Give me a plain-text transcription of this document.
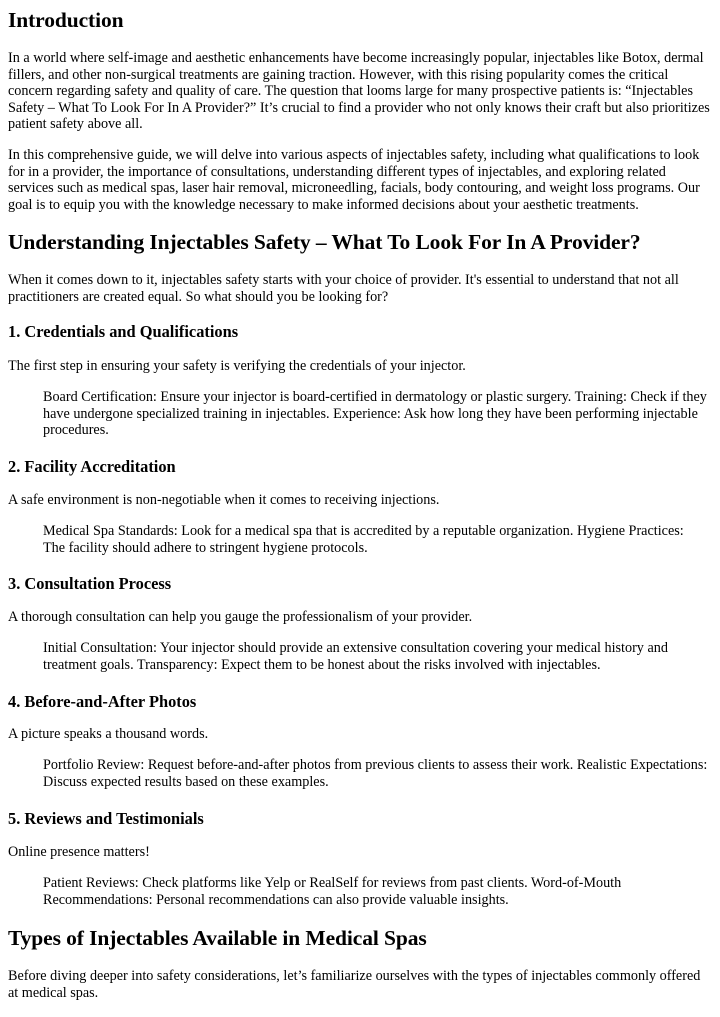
Introduction

In a world where self-image and aesthetic enhancements have become increasingly popular, injectables like Botox, dermal fillers, and other non-surgical treatments are gaining traction. However, with this rising popularity comes the critical concern regarding safety and quality of care. The question that looms large for many prospective patients is: “Injectables Safety – What To Look For In A Provider?” It’s crucial to find a provider who not only knows their craft but also prioritizes patient safety above all.

In this comprehensive guide, we will delve into various aspects of injectables safety, including what qualifications to look for in a provider, the importance of consultations, understanding different types of injectables, and exploring related services such as medical spas, laser hair removal, microneedling, facials, body contouring, and weight loss programs. Our goal is to equip you with the knowledge necessary to make informed decisions about your aesthetic treatments.

Understanding Injectables Safety – What To Look For In A Provider?

When it comes down to it, injectables safety starts with your choice of provider. It's essential to understand that not all practitioners are created equal. So what should you be looking for?

1. Credentials and Qualifications

The first step in ensuring your safety is verifying the credentials of your injector.

Board Certification: Ensure your injector is board-certified in dermatology or plastic surgery. Training: Check if they have undergone specialized training in injectables. Experience: Ask how long they have been performing injectable procedures.
2. Facility Accreditation

A safe environment is non-negotiable when it comes to receiving injections.

Medical Spa Standards: Look for a medical spa that is accredited by a reputable organization. Hygiene Practices: The facility should adhere to stringent hygiene protocols.
3. Consultation Process

A thorough consultation can help you gauge the professionalism of your provider.

Initial Consultation: Your injector should provide an extensive consultation covering your medical history and treatment goals. Transparency: Expect them to be honest about the risks involved with injectables.
4. Before-and-After Photos

A picture speaks a thousand words.

Portfolio Review: Request before-and-after photos from previous clients to assess their work. Realistic Expectations: Discuss expected results based on these examples.
5. Reviews and Testimonials

Online presence matters!

Patient Reviews: Check platforms like Yelp or RealSelf for reviews from past clients. Word-of-Mouth Recommendations: Personal recommendations can also provide valuable insights.
Types of Injectables Available in Medical Spas

Before diving deeper into safety considerations, let’s familiarize ourselves with the types of injectables commonly offered at medical spas.
